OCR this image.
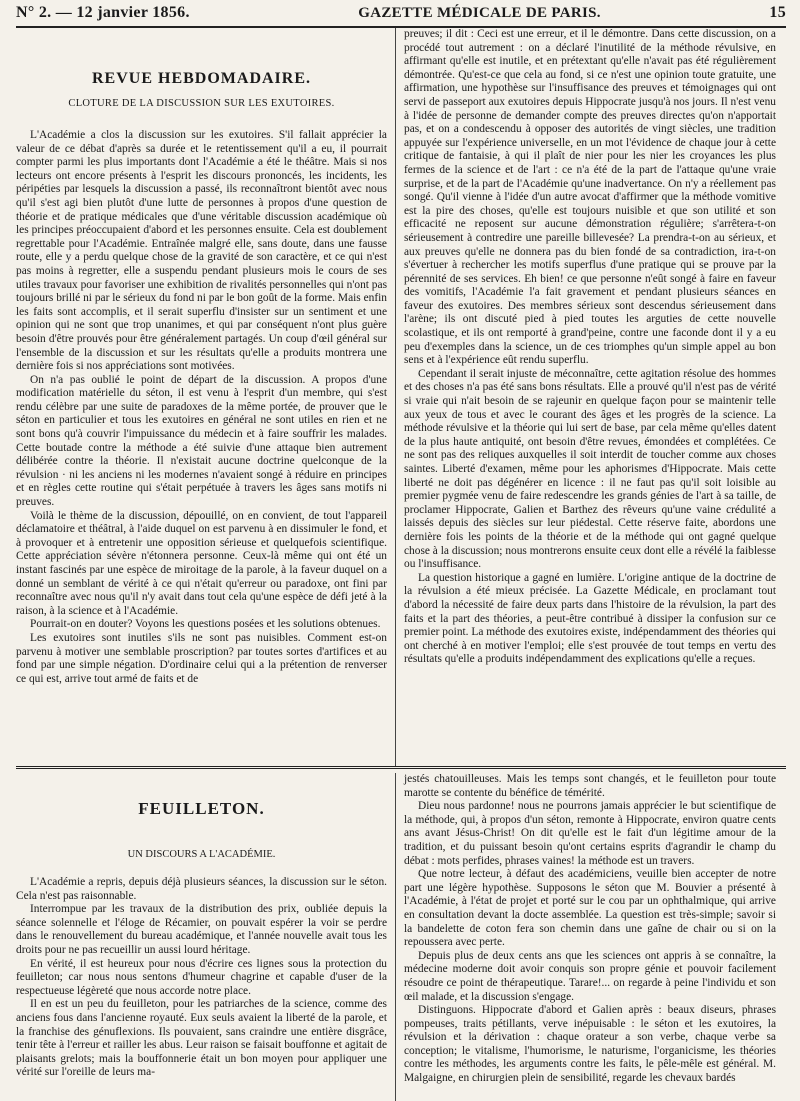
N° 2. — 12 janvier 1856.	GAZETTE MÉDICALE DE PARIS.	15
REVUE HEBDOMADAIRE.
CLOTURE DE LA DISCUSSION SUR LES EXUTOIRES.

L'Académie a clos la discussion sur les exutoires. S'il fallait apprécier la valeur de ce débat d'après sa durée et le retentissement qu'il a eu, il pourrait compter parmi les plus importants dont l'Académie a été le théâtre. Mais si nos lecteurs ont encore présents à l'esprit les discours prononcés, les incidents, les péripéties par lesquels la discussion a passé, ils reconnaîtront bientôt avec nous qu'il s'est agi bien plutôt d'une lutte de personnes à propos d'une question de théorie et de pratique médicales que d'une véritable discussion académique où les principes préoccupaient d'abord et les personnes ensuite. Cela est doublement regrettable pour l'Académie. Entraînée malgré elle, sans doute, dans une fausse route, elle y a perdu quelque chose de la gravité de son caractère, et ce qui n'est pas moins à regretter, elle a suspendu pendant plusieurs mois le cours de ses utiles travaux pour favoriser une exhibition de rivalités personnelles qui n'ont pas toujours brillé ni par le sérieux du fond ni par le bon goût de la forme. Mais enfin les faits sont accomplis, et il serait superflu d'insister sur un sentiment et une opinion qui ne sont que trop unanimes, et qui par conséquent n'ont plus guère besoin d'être prouvés pour être généralement partagés. Un coup d'œil général sur l'ensemble de la discussion et sur les résultats qu'elle a produits montrera une dernière fois si nos appréciations sont motivées.

On n'a pas oublié le point de départ de la discussion. A propos d'une modification matérielle du séton, il est venu à l'esprit d'un membre, qui s'est rendu célèbre par une suite de paradoxes de la même portée, de prouver que le séton en particulier et tous les exutoires en général ne sont utiles en rien et ne sont bons qu'à couvrir l'impuissance du médecin et à faire souffrir les malades. Cette boutade contre la méthode a été suivie d'une attaque bien autrement délibérée contre la théorie. Il n'existait aucune doctrine quelconque de la révulsion · ni les anciens ni les modernes n'avaient songé à réduire en principes et en règles cette routine qui s'était perpétuée à travers les âges sans motifs ni preuves.

Voilà le thème de la discussion, dépouillé, on en convient, de tout l'appareil déclamatoire et théâtral, à l'aide duquel on est parvenu à en dissimuler le fond, et à provoquer et à entretenir une opposition sérieuse et quelquefois scientifique. Cette appréciation sévère n'étonnera personne. Ceux-là même qui ont été un instant fascinés par une espèce de miroitage de la parole, à la faveur duquel on a donné un semblant de vérité à ce qui n'était qu'erreur ou paradoxe, ont fini par reconnaître avec nous qu'il n'y avait dans tout cela qu'une espèce de défi jeté à la raison, à la science et à l'Académie.

Pourrait-on en douter? Voyons les questions posées et les solutions obtenues.

Les exutoires sont inutiles s'ils ne sont pas nuisibles. Comment est-on parvenu à motiver une semblable proscription? par toutes sortes d'artifices et au fond par une simple négation. D'ordinaire celui qui a la prétention de renverser ce qui est, arrive tout armé de faits et de

preuves; il dit : Ceci est une erreur, et il le démontre. Dans cette discussion, on a procédé tout autrement : on a déclaré l'inutilité de la méthode révulsive, en affirmant qu'elle est inutile, et en prétextant qu'elle n'avait pas été régulièrement démontrée. Qu'est-ce que cela au fond, si ce n'est une opinion toute gratuite, une affirmation, une hypothèse sur l'insuffisance des preuves et témoignages qui ont servi de passeport aux exutoires depuis Hippocrate jusqu'à nos jours. Il n'est venu à l'idée de personne de demander compte des preuves directes qu'on n'apportait pas, et on a condescendu à opposer des autorités de vingt siècles, une tradition appuyée sur l'expérience universelle, en un mot l'évidence de chaque jour à cette critique de fantaisie, à qui il plaît de nier pour les nier les croyances les plus fermes de la science et de l'art : ce n'a été de la part de l'attaque qu'une vraie surprise, et de la part de l'Académie qu'une inadvertance. On n'y a réellement pas songé. Qu'il vienne à l'idée d'un autre avocat d'affirmer que la méthode vomitive est la pire des choses, qu'elle est toujours nuisible et que son utilité et son efficacité ne reposent sur aucune démonstration régulière; s'arrêtera-t-on sérieusement à contredire une pareille billevesée? La prendra-t-on au sérieux, et aux preuves qu'elle ne donnera pas du bien fondé de sa contradiction, ira-t-on s'évertuer à rechercher les motifs superflus d'une pratique qui se prouve par la pérennité de ses services. Eh bien! ce que personne n'eût songé à faire en faveur des vomitifs, l'Académie l'a fait gravement et pendant plusieurs séances en faveur des exutoires. Des membres sérieux sont descendus sérieusement dans l'arène; ils ont discuté pied à pied toutes les arguties de cette nouvelle scolastique, et ils ont remporté à grand'peine, contre une faconde dont il y a eu peu d'exemples dans la science, un de ces triomphes qu'un simple appel au bon sens et à l'expérience eût rendu superflu.

Cependant il serait injuste de méconnaître, cette agitation résolue des hommes et des choses n'a pas été sans bons résultats. Elle a prouvé qu'il n'est pas de vérité si vraie qui n'ait besoin de se rajeunir en quelque façon pour se maintenir telle aux yeux de tous et avec le courant des âges et les progrès de la science. La méthode révulsive et la théorie qui lui sert de base, par cela même qu'elles datent de la plus haute antiquité, ont besoin d'être revues, émondées et complétées. Ce ne sont pas des reliques auxquelles il soit interdit de toucher comme aux choses saintes. Liberté d'examen, même pour les aphorismes d'Hippocrate. Mais cette liberté ne doit pas dégénérer en licence : il ne faut pas qu'il soit loisible au premier pygmée venu de faire redescendre les grands génies de l'art à sa taille, de proclamer Hippocrate, Galien et Barthez des rêveurs qu'une vaine crédulité a laissés depuis des siècles sur leur piédestal. Cette réserve faite, abordons une dernière fois les points de la théorie et de la méthode qui ont gagné quelque chose à la discussion; nous montrerons ensuite ceux dont elle a révélé la faiblesse ou l'insuffisance.

La question historique a gagné en lumière. L'origine antique de la doctrine de la révulsion a été mieux précisée. La Gazette Médicale, en proclamant tout d'abord la nécessité de faire deux parts dans l'histoire de la révulsion, la part des faits et la part des théories, a peut-être contribué à dissiper la confusion sur ce premier point. La méthode des exutoires existe, indépendamment des théories qui ont cherché à en motiver l'emploi; elle s'est prouvée de tout temps en vertu des résultats qu'elle a produits indépendamment des explications qu'elle a reçues.

FEUILLETON.
UN DISCOURS A L'ACADÉMIE.

L'Académie a repris, depuis déjà plusieurs séances, la discussion sur le séton. Cela n'est pas raisonnable.

Interrompue par les travaux de la distribution des prix, oubliée depuis la séance solennelle et l'éloge de Récamier, on pouvait espérer la voir se perdre dans le renouvellement du bureau académique, et l'année nouvelle avait tous les droits pour ne pas recueillir un aussi lourd héritage.

En vérité, il est heureux pour nous d'écrire ces lignes sous la protection du feuilleton; car nous nous sentons d'humeur chagrine et capable d'user de la respectueuse légèreté que nous accorde notre place.

Il en est un peu du feuilleton, pour les patriarches de la science, comme des anciens fous dans l'ancienne royauté. Eux seuls avaient la liberté de la parole, et la franchise des génuflexions. Ils pouvaient, sans craindre une entière disgrâce, tenir tête à l'erreur et railler les abus. Leur raison se faisait bouffonne et agitait de plaisants grelots; mais la bouffonnerie était un bon moyen pour appliquer une vérité sur l'oreille de leurs ma-

jestés chatouilleuses. Mais les temps sont changés, et le feuilleton pour toute marotte se contente du bénéfice de témérité.

Dieu nous pardonne! nous ne pourrons jamais apprécier le but scientifique de la méthode, qui, à propos d'un séton, remonte à Hippocrate, environ quatre cents ans avant Jésus-Christ! On dit qu'elle est le fait d'un légitime amour de la tradition, et du puissant besoin qu'ont certains esprits d'agrandir le champ du débat : mots perfides, phrases vaines! la méthode est un travers.

Que notre lecteur, à défaut des académiciens, veuille bien accepter de notre part une légère hypothèse. Supposons le séton que M. Bouvier a présenté à l'Académie, à l'état de projet et porté sur le cou par un ophthalmique, qui arrive en consultation devant la docte assemblée. La question est très-simple; savoir si la bandelette de coton fera son chemin dans une gaîne de chair ou si on la repoussera avec perte.

Depuis plus de deux cents ans que les sciences ont appris à se connaître, la médecine moderne doit avoir conquis son propre génie et pouvoir facilement résoudre ce point de thérapeutique. Tarare!... on regarde à peine l'individu et son œil malade, et la discussion s'engage.

Distinguons. Hippocrate d'abord et Galien après : beaux diseurs, phrases pompeuses, traits pétillants, verve inépuisable : le séton et les exutoires, la révulsion et la dérivation : chaque orateur a son verbe, chaque verbe sa conception; le vitalisme, l'humorisme, le naturisme, l'organicisme, les théories contre les méthodes, les arguments contre les faits, le pêle-mêle est général. M. Malgaigne, en chirurgien plein de sensibilité, regarde les chevaux bardés
